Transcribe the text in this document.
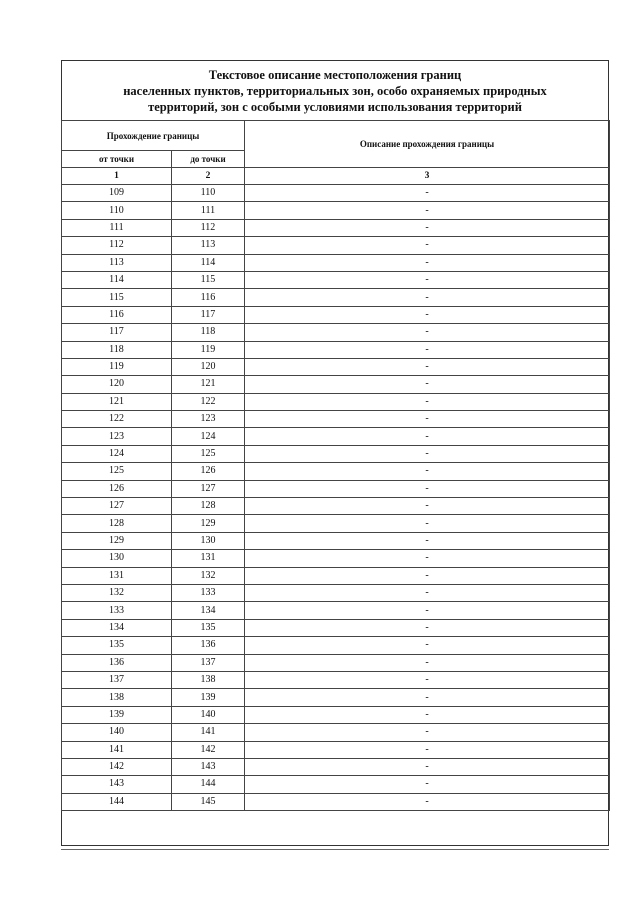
Текстовое описание местоположения границ
населенных пунктов, территориальных зон, особо охраняемых природных
территорий, зон с особыми условиями использования территорий
Прохождение границы		Описание прохождения границы
от точки	до точки	
1	2	3
109	110	-
110	111	-
111	112	-
112	113	-
113	114	-
114	115	-
115	116	-
116	117	-
117	118	-
118	119	-
119	120	-
120	121	-
121	122	-
122	123	-
123	124	-
124	125	-
125	126	-
126	127	-
127	128	-
128	129	-
129	130	-
130	131	-
131	132	-
132	133	-
133	134	-
134	135	-
135	136	-
136	137	-
137	138	-
138	139	-
139	140	-
140	141	-
141	142	-
142	143	-
143	144	-
144	145	-
